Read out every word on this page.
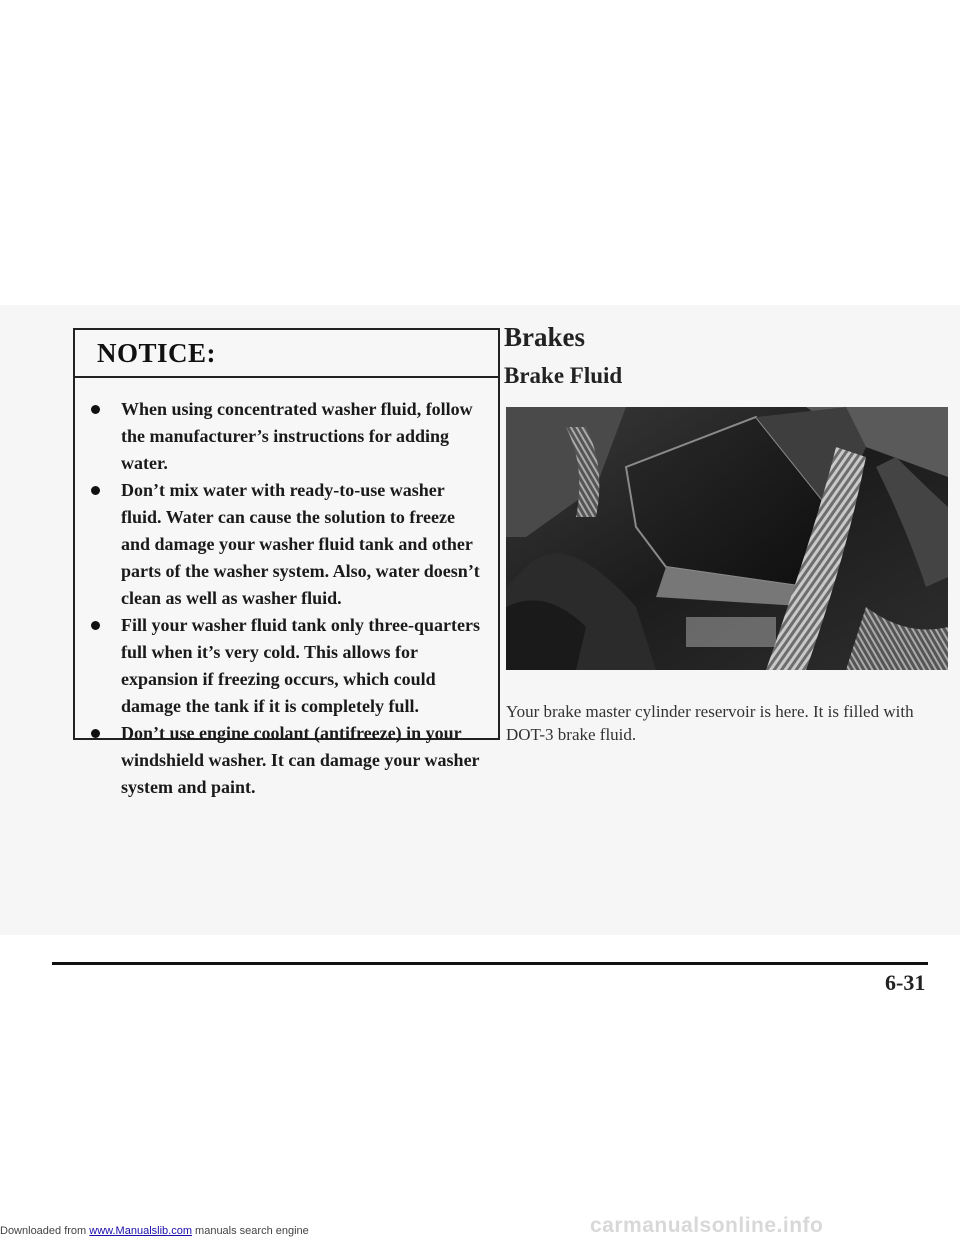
NOTICE:
When using concentrated washer fluid, follow the manufacturer’s instructions for adding water.
Don’t mix water with ready-to-use washer fluid. Water can cause the solution to freeze and damage your washer fluid tank and other parts of the washer system. Also, water doesn’t clean as well as washer fluid.
Fill your washer fluid tank only three-quarters full when it’s very cold. This allows for expansion if freezing occurs, which could damage the tank if it is completely full.
Don’t use engine coolant (antifreeze) in your windshield washer. It can damage your washer system and paint.
Brakes
Brake Fluid
Your brake master cylinder reservoir is here. It is filled with DOT-3 brake fluid.
6-31
carmanualsonline.info
Downloaded from www.Manualslib.com manuals search engine
